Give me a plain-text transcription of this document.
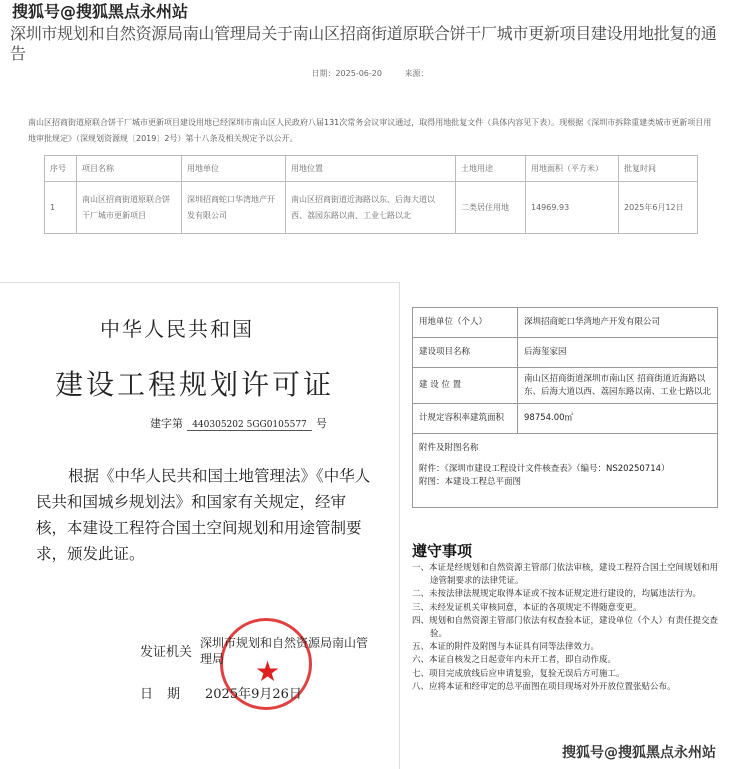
搜狐号@搜狐黑点永州站
深圳市规划和自然资源局南山管理局关于南山区招商街道原联合饼干厂城市更新项目建设用地批复的通告
日期：2025-06-20	来源：
南山区招商街道原联合饼干厂城市更新项目建设用地已经深圳市南山区人民政府八届131次常务会议审议通过，取得用地批复文件（具体内容见下表）。现根据《深圳市拆除重建类城市更新项目用地审批规定》（深规划资源规〔2019〕2号）第十八条及相关规定予以公开。
序号	项目名称	用地单位	用地位置	土地用途	用地面积（平方米）	批复时间
1	南山区招商街道原联合饼干厂城市更新项目	深圳招商蛇口华湾地产开发有限公司	南山区招商街道近海路以东、后海大道以西、荔园东路以南、工业七路以北	二类居住用地	14969.93	2025年6月12日
中华人民共和国
建设工程规划许可证
建字第 440305202 5GG0105577 号
根据《中华人民共和国土地管理法》《中华人民共和国城乡规划法》和国家有关规定，经审核，本建设工程符合国土空间规划和用途管制要求，颁发此证。
★
发证机关
深圳市规划和自然资源局南山管理局
日期 2025年9月26日
用地单位（个人）	深圳招商蛇口华湾地产开发有限公司
建设项目名称	后海玺家园
建 设 位 置	南山区招商街道深圳市南山区 招商街道近海路以东、后海大道以西、荔园东路以南、工业七路以北
计规定容积率建筑面积	98754.00㎡

附件及附图名称
附件：《深圳市建设工程设计文件核查表》（编号：NS20250714）
附图：本建设工程总平面图	
遵守事项
一、本证是经规划和自然资源主管部门依法审核，建设工程符合国土空间规划和用途管制要求的法律凭证。
二、未按法律法规规定取得本证或不按本证规定进行建设的，均属违法行为。
三、未经发证机关审核同意，本证的各项规定不得随意变更。
四、规划和自然资源主管部门依法有权查验本证，建设单位（个人）有责任提交查验。
五、本证的附件及附图与本证具有同等法律效力。
六、本证自核发之日起壹年内未开工者，即自动作废。
七、项目完成放线后应申请复验，复验无误后方可施工。
八、应将本证和经审定的总平面图在项目现场对外开放位置张贴公布。
搜狐号@搜狐黑点永州站
